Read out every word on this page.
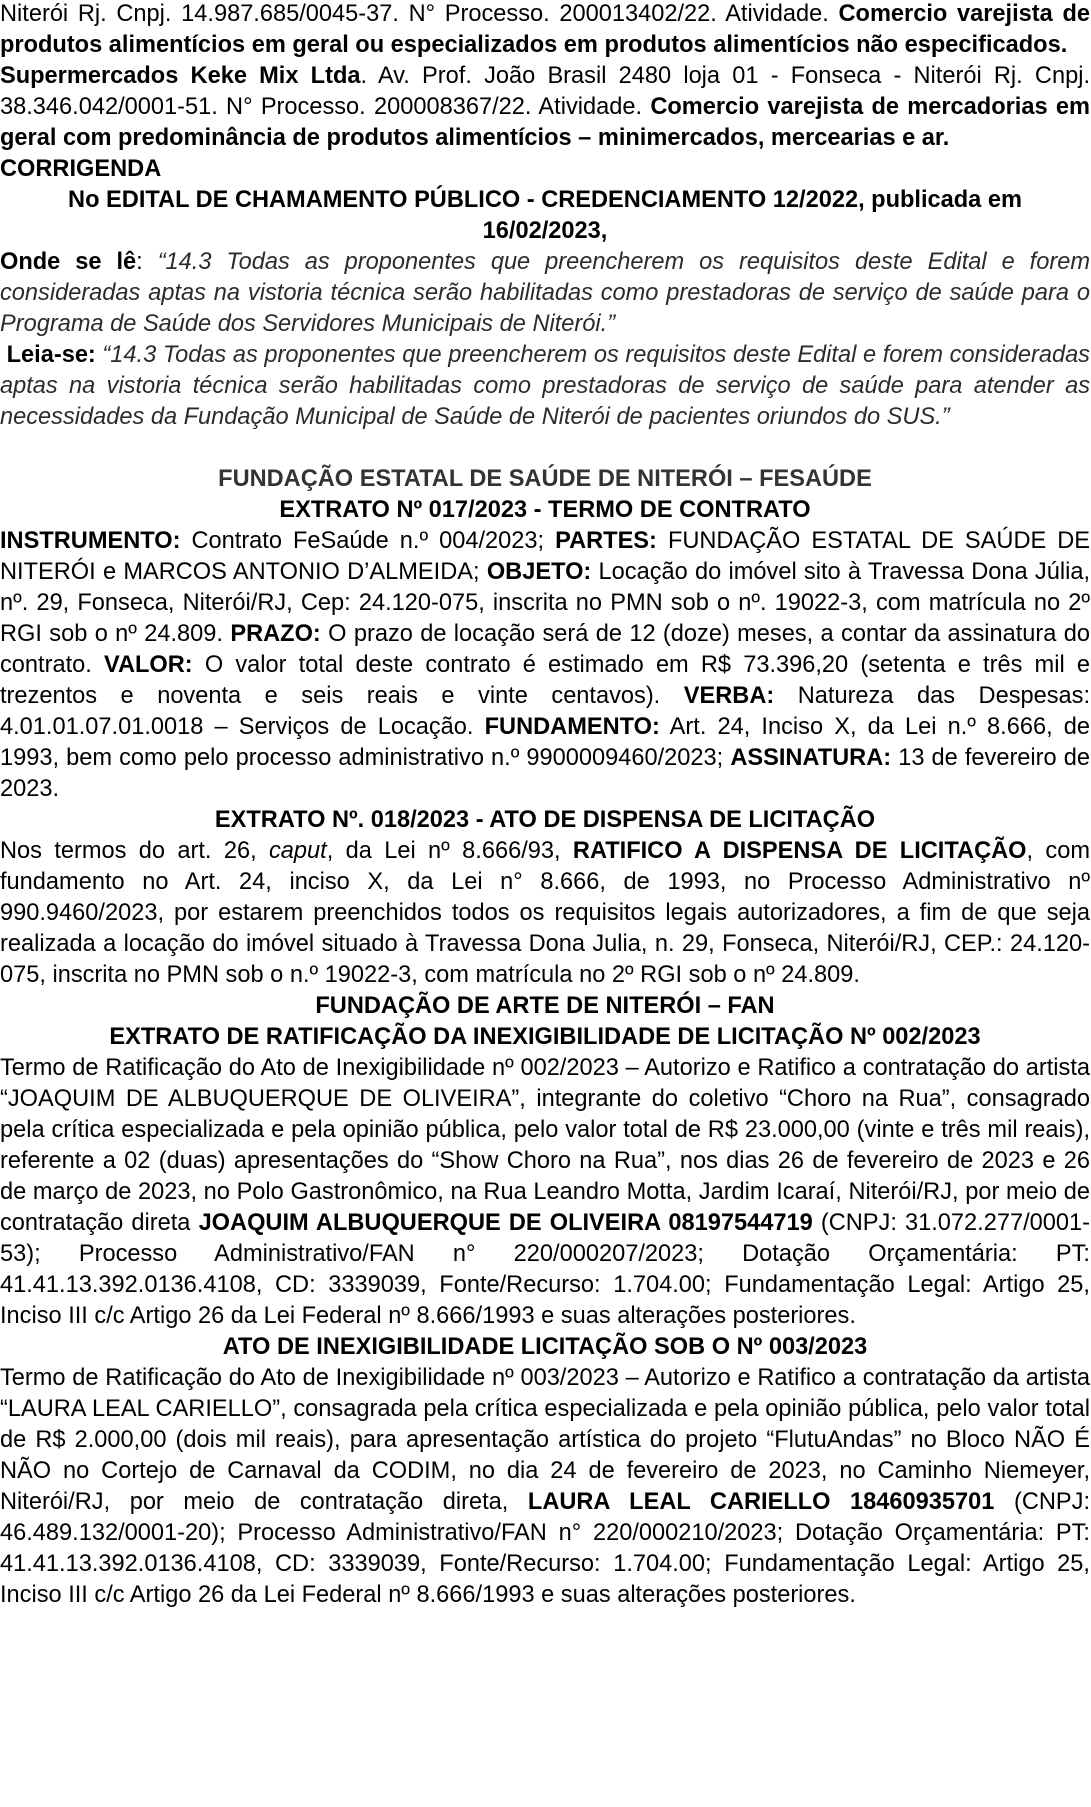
Niterói Rj. Cnpj. 14.987.685/0045-37. N° Processo. 200013402/22. Atividade. Comercio varejista de produtos alimentícios em geral ou especializados em produtos alimentícios não especificados.

Supermercados Keke Mix Ltda. Av. Prof. João Brasil 2480 loja 01 - Fonseca - Niterói Rj. Cnpj. 38.346.042/0001-51. N° Processo. 200008367/22. Atividade. Comercio varejista de mercadorias em geral com predominância de produtos alimentícios – minimercados, mercearias e ar.

CORRIGENDA

No EDITAL DE CHAMAMENTO PÚBLICO - CREDENCIAMENTO 12/2022, publicada em 16/02/2023,

Onde se lê: “14.3 Todas as proponentes que preencherem os requisitos deste Edital e forem consideradas aptas na vistoria técnica serão habilitadas como prestadoras de serviço de saúde para o Programa de Saúde dos Servidores Municipais de Niterói.”

Leia-se: “14.3 Todas as proponentes que preencherem os requisitos deste Edital e forem consideradas aptas na vistoria técnica serão habilitadas como prestadoras de serviço de saúde para atender as necessidades da Fundação Municipal de Saúde de Niterói de pacientes oriundos do SUS.”

FUNDAÇÃO ESTATAL DE SAÚDE DE NITERÓI – FESAÚDE

EXTRATO Nº 017/2023 - TERMO DE CONTRATO

INSTRUMENTO: Contrato FeSaúde n.º 004/2023; PARTES: FUNDAÇÃO ESTATAL DE SAÚDE DE NITERÓI e MARCOS ANTONIO D’ALMEIDA; OBJETO: Locação do imóvel sito à Travessa Dona Júlia, nº. 29, Fonseca, Niterói/RJ, Cep: 24.120-075, inscrita no PMN sob o nº. 19022-3, com matrícula no 2º RGI sob o nº 24.809. PRAZO: O prazo de locação será de 12 (doze) meses, a contar da assinatura do contrato. VALOR: O valor total deste contrato é estimado em R$ 73.396,20 (setenta e três mil e trezentos e noventa e seis reais e vinte centavos). VERBA: Natureza das Despesas: 4.01.01.07.01.0018 – Serviços de Locação. FUNDAMENTO: Art. 24, Inciso X, da Lei n.º 8.666, de 1993, bem como pelo processo administrativo n.º 9900009460/2023; ASSINATURA: 13 de fevereiro de 2023.

EXTRATO Nº. 018/2023 - ATO DE DISPENSA DE LICITAÇÃO

Nos termos do art. 26, caput, da Lei nº 8.666/93, RATIFICO A DISPENSA DE LICITAÇÃO, com fundamento no Art. 24, inciso X, da Lei n° 8.666, de 1993, no Processo Administrativo nº 990.9460/2023, por estarem preenchidos todos os requisitos legais autorizadores, a fim de que seja realizada a locação do imóvel situado à Travessa Dona Julia, n. 29, Fonseca, Niterói/RJ, CEP.: 24.120-075, inscrita no PMN sob o n.º 19022-3, com matrícula no 2º RGI sob o nº 24.809.

FUNDAÇÃO DE ARTE DE NITERÓI – FAN

EXTRATO DE RATIFICAÇÃO DA INEXIGIBILIDADE DE LICITAÇÃO Nº 002/2023

Termo de Ratificação do Ato de Inexigibilidade nº 002/2023 – Autorizo e Ratifico a contratação do artista “JOAQUIM DE ALBUQUERQUE DE OLIVEIRA”, integrante do coletivo “Choro na Rua”, consagrado pela crítica especializada e pela opinião pública, pelo valor total de R$ 23.000,00 (vinte e três mil reais), referente a 02 (duas) apresentações do “Show Choro na Rua”, nos dias 26 de fevereiro de 2023 e 26 de março de 2023, no Polo Gastronômico, na Rua Leandro Motta, Jardim Icaraí, Niterói/RJ, por meio de contratação direta JOAQUIM ALBUQUERQUE DE OLIVEIRA 08197544719 (CNPJ: 31.072.277/0001-53); Processo Administrativo/FAN n° 220/000207/2023; Dotação Orçamentária: PT: 41.41.13.392.0136.4108, CD: 3339039, Fonte/Recurso: 1.704.00; Fundamentação Legal: Artigo 25, Inciso III c/c Artigo 26 da Lei Federal nº 8.666/1993 e suas alterações posteriores.

ATO DE INEXIGIBILIDADE LICITAÇÃO SOB O Nº 003/2023

Termo de Ratificação do Ato de Inexigibilidade nº 003/2023 – Autorizo e Ratifico a contratação da artista “LAURA LEAL CARIELLO”, consagrada pela crítica especializada e pela opinião pública, pelo valor total de R$ 2.000,00 (dois mil reais), para apresentação artística do projeto “FlutuAndas” no Bloco NÃO É NÃO no Cortejo de Carnaval da CODIM, no dia 24 de fevereiro de 2023, no Caminho Niemeyer, Niterói/RJ, por meio de contratação direta, LAURA LEAL CARIELLO 18460935701 (CNPJ: 46.489.132/0001-20); Processo Administrativo/FAN n° 220/000210/2023; Dotação Orçamentária: PT: 41.41.13.392.0136.4108, CD: 3339039, Fonte/Recurso: 1.704.00; Fundamentação Legal: Artigo 25, Inciso III c/c Artigo 26 da Lei Federal nº 8.666/1993 e suas alterações posteriores.
